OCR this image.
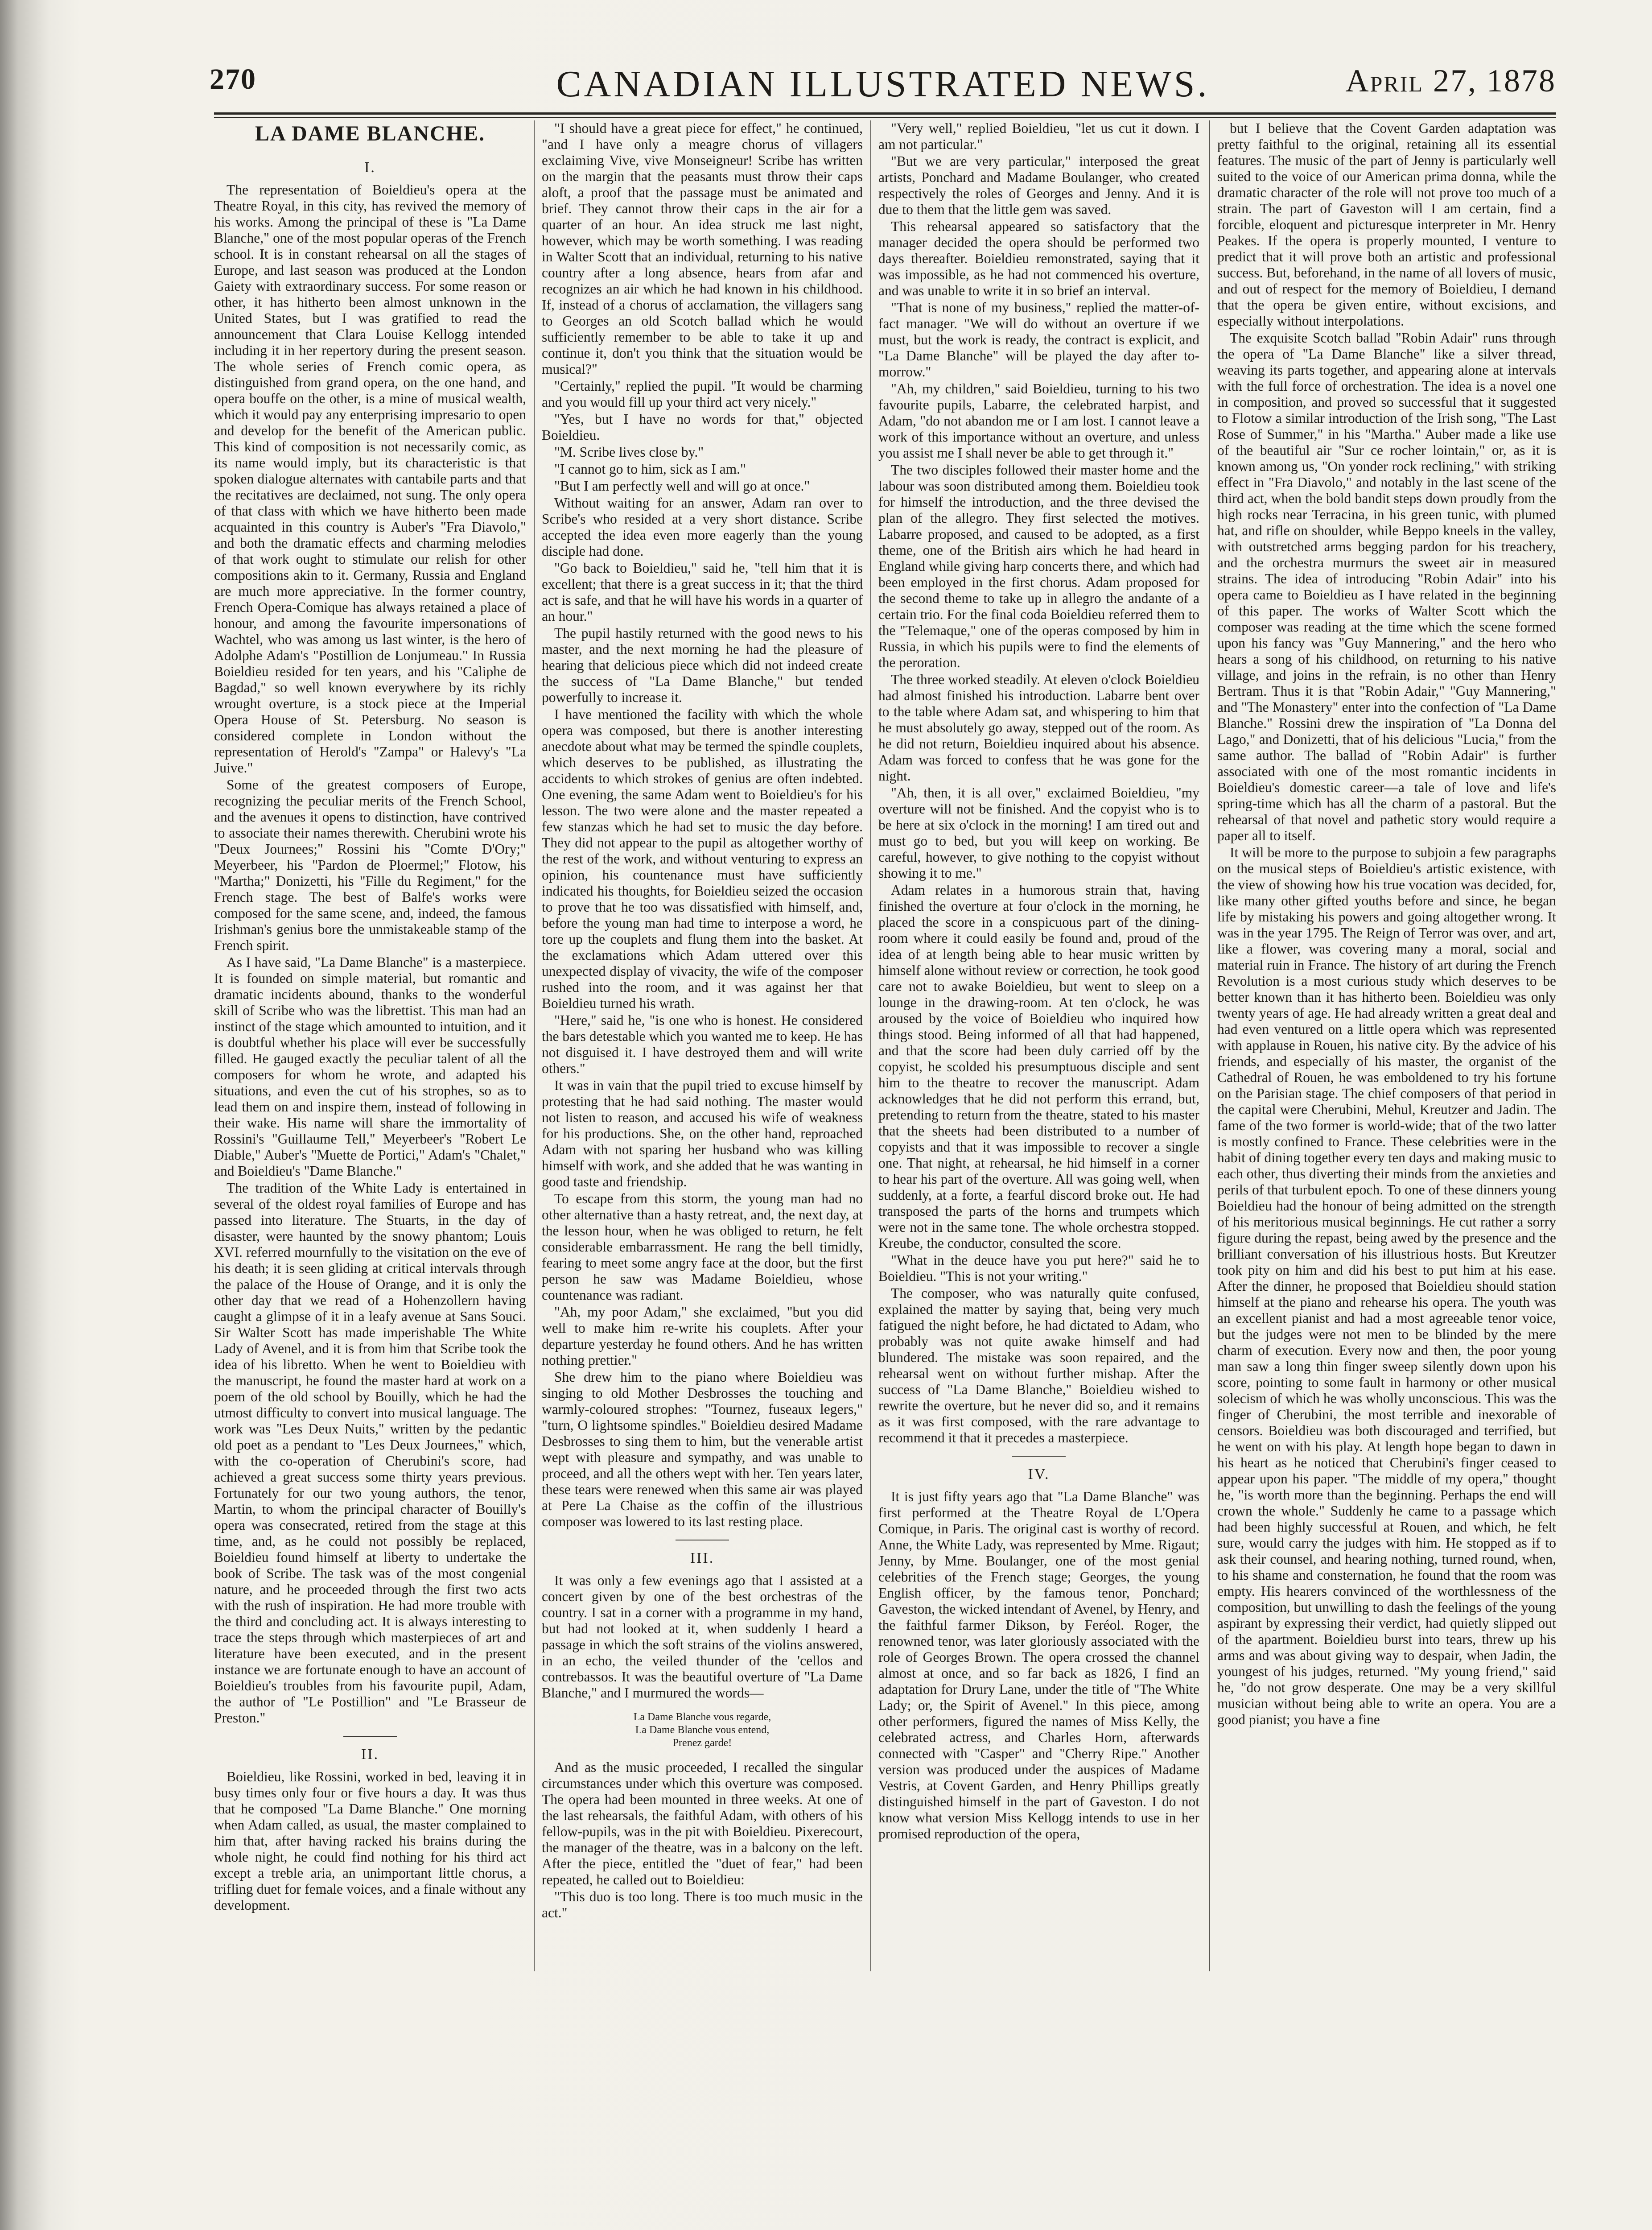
270	CANADIAN ILLUSTRATED NEWS.	April 27, 1878
LA DAME BLANCHE.
I.

The representation of Boieldieu's opera at the Theatre Royal, in this city, has revived the memory of his works. Among the principal of these is "La Dame Blanche," one of the most popular operas of the French school. It is in constant rehearsal on all the stages of Europe, and last season was produced at the London Gaiety with extraordinary success. For some reason or other, it has hitherto been almost unknown in the United States, but I was gratified to read the announcement that Clara Louise Kellogg intended including it in her repertory during the present season. The whole series of French comic opera, as distinguished from grand opera, on the one hand, and opera bouffe on the other, is a mine of musical wealth, which it would pay any enterprising impresario to open and develop for the benefit of the American public. This kind of composition is not necessarily comic, as its name would imply, but its characteristic is that spoken dialogue alternates with cantabile parts and that the recitatives are declaimed, not sung. The only opera of that class with which we have hitherto been made acquainted in this country is Auber's "Fra Diavolo," and both the dramatic effects and charming melodies of that work ought to stimulate our relish for other compositions akin to it. Germany, Russia and England are much more appreciative. In the former country, French Opera-Comique has always retained a place of honour, and among the favourite impersonations of Wachtel, who was among us last winter, is the hero of Adolphe Adam's "Postillion de Lonjumeau." In Russia Boieldieu resided for ten years, and his "Caliphe de Bagdad," so well known everywhere by its richly wrought overture, is a stock piece at the Imperial Opera House of St. Petersburg. No season is considered complete in London without the representation of Herold's "Zampa" or Halevy's "La Juive."

Some of the greatest composers of Europe, recognizing the peculiar merits of the French School, and the avenues it opens to distinction, have contrived to associate their names therewith. Cherubini wrote his "Deux Journees;" Rossini his "Comte D'Ory;" Meyerbeer, his "Pardon de Ploermel;" Flotow, his "Martha;" Donizetti, his "Fille du Regiment," for the French stage. The best of Balfe's works were composed for the same scene, and, indeed, the famous Irishman's genius bore the unmistakeable stamp of the French spirit.

As I have said, "La Dame Blanche" is a masterpiece. It is founded on simple material, but romantic and dramatic incidents abound, thanks to the wonderful skill of Scribe who was the librettist. This man had an instinct of the stage which amounted to intuition, and it is doubtful whether his place will ever be successfully filled. He gauged exactly the peculiar talent of all the composers for whom he wrote, and adapted his situations, and even the cut of his strophes, so as to lead them on and inspire them, instead of following in their wake. His name will share the immortality of Rossini's "Guillaume Tell," Meyerbeer's "Robert Le Diable," Auber's "Muette de Portici," Adam's "Chalet," and Boieldieu's "Dame Blanche."

The tradition of the White Lady is entertained in several of the oldest royal families of Europe and has passed into literature. The Stuarts, in the day of disaster, were haunted by the snowy phantom; Louis XVI. referred mournfully to the visitation on the eve of his death; it is seen gliding at critical intervals through the palace of the House of Orange, and it is only the other day that we read of a Hohenzollern having caught a glimpse of it in a leafy avenue at Sans Souci. Sir Walter Scott has made imperishable The White Lady of Avenel, and it is from him that Scribe took the idea of his libretto. When he went to Boieldieu with the manuscript, he found the master hard at work on a poem of the old school by Bouilly, which he had the utmost difficulty to convert into musical language. The work was "Les Deux Nuits," written by the pedantic old poet as a pendant to "Les Deux Journees," which, with the co-operation of Cherubini's score, had achieved a great success some thirty years previous. Fortunately for our two young authors, the tenor, Martin, to whom the principal character of Bouilly's opera was consecrated, retired from the stage at this time, and, as he could not possibly be replaced, Boieldieu found himself at liberty to undertake the book of Scribe. The task was of the most congenial nature, and he proceeded through the first two acts with the rush of inspiration. He had more trouble with the third and concluding act. It is always interesting to trace the steps through which masterpieces of art and literature have been executed, and in the present instance we are fortunate enough to have an account of Boieldieu's troubles from his favourite pupil, Adam, the author of "Le Postillion" and "Le Brasseur de Preston."

II.

Boieldieu, like Rossini, worked in bed, leaving it in busy times only four or five hours a day. It was thus that he composed "La Dame Blanche." One morning when Adam called, as usual, the master complained to him that, after having racked his brains during the whole night, he could find nothing for his third act except a treble aria, an unimportant little chorus, a trifling duet for female voices, and a finale without any development.

"I should have a great piece for effect," he continued, "and I have only a meagre chorus of villagers exclaiming Vive, vive Monseigneur! Scribe has written on the margin that the peasants must throw their caps aloft, a proof that the passage must be animated and brief. They cannot throw their caps in the air for a quarter of an hour. An idea struck me last night, however, which may be worth something. I was reading in Walter Scott that an individual, returning to his native country after a long absence, hears from afar and recognizes an air which he had known in his childhood. If, instead of a chorus of acclamation, the villagers sang to Georges an old Scotch ballad which he would sufficiently remember to be able to take it up and continue it, don't you think that the situation would be musical?"

"Certainly," replied the pupil. "It would be charming and you would fill up your third act very nicely."

"Yes, but I have no words for that," objected Boieldieu.

"M. Scribe lives close by."

"I cannot go to him, sick as I am."

"But I am perfectly well and will go at once."

Without waiting for an answer, Adam ran over to Scribe's who resided at a very short distance. Scribe accepted the idea even more eagerly than the young disciple had done.

"Go back to Boieldieu," said he, "tell him that it is excellent; that there is a great success in it; that the third act is safe, and that he will have his words in a quarter of an hour."

The pupil hastily returned with the good news to his master, and the next morning he had the pleasure of hearing that delicious piece which did not indeed create the success of "La Dame Blanche," but tended powerfully to increase it.

I have mentioned the facility with which the whole opera was composed, but there is another interesting anecdote about what may be termed the spindle couplets, which deserves to be published, as illustrating the accidents to which strokes of genius are often indebted. One evening, the same Adam went to Boieldieu's for his lesson. The two were alone and the master repeated a few stanzas which he had set to music the day before. They did not appear to the pupil as altogether worthy of the rest of the work, and without venturing to express an opinion, his countenance must have sufficiently indicated his thoughts, for Boieldieu seized the occasion to prove that he too was dissatisfied with himself, and, before the young man had time to interpose a word, he tore up the couplets and flung them into the basket. At the exclamations which Adam uttered over this unexpected display of vivacity, the wife of the composer rushed into the room, and it was against her that Boieldieu turned his wrath.

"Here," said he, "is one who is honest. He considered the bars detestable which you wanted me to keep. He has not disguised it. I have destroyed them and will write others."

It was in vain that the pupil tried to excuse himself by protesting that he had said nothing. The master would not listen to reason, and accused his wife of weakness for his productions. She, on the other hand, reproached Adam with not sparing her husband who was killing himself with work, and she added that he was wanting in good taste and friendship.

To escape from this storm, the young man had no other alternative than a hasty retreat, and, the next day, at the lesson hour, when he was obliged to return, he felt considerable embarrassment. He rang the bell timidly, fearing to meet some angry face at the door, but the first person he saw was Madame Boieldieu, whose countenance was radiant.

"Ah, my poor Adam," she exclaimed, "but you did well to make him re-write his couplets. After your departure yesterday he found others. And he has written nothing prettier."

She drew him to the piano where Boieldieu was singing to old Mother Desbrosses the touching and warmly-coloured strophes: "Tournez, fuseaux legers," "turn, O lightsome spindles." Boieldieu desired Madame Desbrosses to sing them to him, but the venerable artist wept with pleasure and sympathy, and was unable to proceed, and all the others wept with her. Ten years later, these tears were renewed when this same air was played at Pere La Chaise as the coffin of the illustrious composer was lowered to its last resting place.

III.

It was only a few evenings ago that I assisted at a concert given by one of the best orchestras of the country. I sat in a corner with a programme in my hand, but had not looked at it, when suddenly I heard a passage in which the soft strains of the violins answered, in an echo, the veiled thunder of the 'cellos and contrebassos. It was the beautiful overture of "La Dame Blanche," and I murmured the words—

La Dame Blanche vous regarde,
La Dame Blanche vous entend,
Prenez garde!

And as the music proceeded, I recalled the singular circumstances under which this overture was composed. The opera had been mounted in three weeks. At one of the last rehearsals, the faithful Adam, with others of his fellow-pupils, was in the pit with Boieldieu. Pixerecourt, the manager of the theatre, was in a balcony on the left. After the piece, entitled the "duet of fear," had been repeated, he called out to Boieldieu:

"This duo is too long. There is too much music in the act."

"Very well," replied Boieldieu, "let us cut it down. I am not particular."

"But we are very particular," interposed the great artists, Ponchard and Madame Boulanger, who created respectively the roles of Georges and Jenny. And it is due to them that the little gem was saved.

This rehearsal appeared so satisfactory that the manager decided the opera should be performed two days thereafter. Boieldieu remonstrated, saying that it was impossible, as he had not commenced his overture, and was unable to write it in so brief an interval.

"That is none of my business," replied the matter-of-fact manager. "We will do without an overture if we must, but the work is ready, the contract is explicit, and "La Dame Blanche" will be played the day after to-morrow."

"Ah, my children," said Boieldieu, turning to his two favourite pupils, Labarre, the celebrated harpist, and Adam, "do not abandon me or I am lost. I cannot leave a work of this importance without an overture, and unless you assist me I shall never be able to get through it."

The two disciples followed their master home and the labour was soon distributed among them. Boieldieu took for himself the introduction, and the three devised the plan of the allegro. They first selected the motives. Labarre proposed, and caused to be adopted, as a first theme, one of the British airs which he had heard in England while giving harp concerts there, and which had been employed in the first chorus. Adam proposed for the second theme to take up in allegro the andante of a certain trio. For the final coda Boieldieu referred them to the "Telemaque," one of the operas composed by him in Russia, in which his pupils were to find the elements of the peroration.

The three worked steadily. At eleven o'clock Boieldieu had almost finished his introduction. Labarre bent over to the table where Adam sat, and whispering to him that he must absolutely go away, stepped out of the room. As he did not return, Boieldieu inquired about his absence. Adam was forced to confess that he was gone for the night.

"Ah, then, it is all over," exclaimed Boieldieu, "my overture will not be finished. And the copyist who is to be here at six o'clock in the morning! I am tired out and must go to bed, but you will keep on working. Be careful, however, to give nothing to the copyist without showing it to me."

Adam relates in a humorous strain that, having finished the overture at four o'clock in the morning, he placed the score in a conspicuous part of the dining-room where it could easily be found and, proud of the idea of at length being able to hear music written by himself alone without review or correction, he took good care not to awake Boieldieu, but went to sleep on a lounge in the drawing-room. At ten o'clock, he was aroused by the voice of Boieldieu who inquired how things stood. Being informed of all that had happened, and that the score had been duly carried off by the copyist, he scolded his presumptuous disciple and sent him to the theatre to recover the manuscript. Adam acknowledges that he did not perform this errand, but, pretending to return from the theatre, stated to his master that the sheets had been distributed to a number of copyists and that it was impossible to recover a single one. That night, at rehearsal, he hid himself in a corner to hear his part of the overture. All was going well, when suddenly, at a forte, a fearful discord broke out. He had transposed the parts of the horns and trumpets which were not in the same tone. The whole orchestra stopped. Kreube, the conductor, consulted the score.

"What in the deuce have you put here?" said he to Boieldieu. "This is not your writing."

The composer, who was naturally quite confused, explained the matter by saying that, being very much fatigued the night before, he had dictated to Adam, who probably was not quite awake himself and had blundered. The mistake was soon repaired, and the rehearsal went on without further mishap. After the success of "La Dame Blanche," Boieldieu wished to rewrite the overture, but he never did so, and it remains as it was first composed, with the rare advantage to recommend it that it precedes a masterpiece.

IV.

It is just fifty years ago that "La Dame Blanche" was first performed at the Theatre Royal de L'Opera Comique, in Paris. The original cast is worthy of record. Anne, the White Lady, was represented by Mme. Rigaut; Jenny, by Mme. Boulanger, one of the most genial celebrities of the French stage; Georges, the young English officer, by the famous tenor, Ponchard; Gaveston, the wicked intendant of Avenel, by Henry, and the faithful farmer Dikson, by Feréol. Roger, the renowned tenor, was later gloriously associated with the role of Georges Brown. The opera crossed the channel almost at once, and so far back as 1826, I find an adaptation for Drury Lane, under the title of "The White Lady; or, the Spirit of Avenel." In this piece, among other performers, figured the names of Miss Kelly, the celebrated actress, and Charles Horn, afterwards connected with "Casper" and "Cherry Ripe." Another version was produced under the auspices of Madame Vestris, at Covent Garden, and Henry Phillips greatly distinguished himself in the part of Gaveston. I do not know what version Miss Kellogg intends to use in her promised reproduction of the opera,

but I believe that the Covent Garden adaptation was pretty faithful to the original, retaining all its essential features. The music of the part of Jenny is particularly well suited to the voice of our American prima donna, while the dramatic character of the role will not prove too much of a strain. The part of Gaveston will I am certain, find a forcible, eloquent and picturesque interpreter in Mr. Henry Peakes. If the opera is properly mounted, I venture to predict that it will prove both an artistic and professional success. But, beforehand, in the name of all lovers of music, and out of respect for the memory of Boieldieu, I demand that the opera be given entire, without excisions, and especially without interpolations.

The exquisite Scotch ballad "Robin Adair" runs through the opera of "La Dame Blanche" like a silver thread, weaving its parts together, and appearing alone at intervals with the full force of orchestration. The idea is a novel one in composition, and proved so successful that it suggested to Flotow a similar introduction of the Irish song, "The Last Rose of Summer," in his "Martha." Auber made a like use of the beautiful air "Sur ce rocher lointain," or, as it is known among us, "On yonder rock reclining," with striking effect in "Fra Diavolo," and notably in the last scene of the third act, when the bold bandit steps down proudly from the high rocks near Terracina, in his green tunic, with plumed hat, and rifle on shoulder, while Beppo kneels in the valley, with outstretched arms begging pardon for his treachery, and the orchestra murmurs the sweet air in measured strains. The idea of introducing "Robin Adair" into his opera came to Boieldieu as I have related in the beginning of this paper. The works of Walter Scott which the composer was reading at the time which the scene formed upon his fancy was "Guy Mannering," and the hero who hears a song of his childhood, on returning to his native village, and joins in the refrain, is no other than Henry Bertram. Thus it is that "Robin Adair," "Guy Mannering," and "The Monastery" enter into the confection of "La Dame Blanche." Rossini drew the inspiration of "La Donna del Lago," and Donizetti, that of his delicious "Lucia," from the same author. The ballad of "Robin Adair" is further associated with one of the most romantic incidents in Boieldieu's domestic career—a tale of love and life's spring-time which has all the charm of a pastoral. But the rehearsal of that novel and pathetic story would require a paper all to itself.

It will be more to the purpose to subjoin a few paragraphs on the musical steps of Boieldieu's artistic existence, with the view of showing how his true vocation was decided, for, like many other gifted youths before and since, he began life by mistaking his powers and going altogether wrong. It was in the year 1795. The Reign of Terror was over, and art, like a flower, was covering many a moral, social and material ruin in France. The history of art during the French Revolution is a most curious study which deserves to be better known than it has hitherto been. Boieldieu was only twenty years of age. He had already written a great deal and had even ventured on a little opera which was represented with applause in Rouen, his native city. By the advice of his friends, and especially of his master, the organist of the Cathedral of Rouen, he was emboldened to try his fortune on the Parisian stage. The chief composers of that period in the capital were Cherubini, Mehul, Kreutzer and Jadin. The fame of the two former is world-wide; that of the two latter is mostly confined to France. These celebrities were in the habit of dining together every ten days and making music to each other, thus diverting their minds from the anxieties and perils of that turbulent epoch. To one of these dinners young Boieldieu had the honour of being admitted on the strength of his meritorious musical beginnings. He cut rather a sorry figure during the repast, being awed by the presence and the brilliant conversation of his illustrious hosts. But Kreutzer took pity on him and did his best to put him at his ease. After the dinner, he proposed that Boieldieu should station himself at the piano and rehearse his opera. The youth was an excellent pianist and had a most agreeable tenor voice, but the judges were not men to be blinded by the mere charm of execution. Every now and then, the poor young man saw a long thin finger sweep silently down upon his score, pointing to some fault in harmony or other musical solecism of which he was wholly unconscious. This was the finger of Cherubini, the most terrible and inexorable of censors. Boieldieu was both discouraged and terrified, but he went on with his play. At length hope began to dawn in his heart as he noticed that Cherubini's finger ceased to appear upon his paper. "The middle of my opera," thought he, "is worth more than the beginning. Perhaps the end will crown the whole." Suddenly he came to a passage which had been highly successful at Rouen, and which, he felt sure, would carry the judges with him. He stopped as if to ask their counsel, and hearing nothing, turned round, when, to his shame and consternation, he found that the room was empty. His hearers convinced of the worthlessness of the composition, but unwilling to dash the feelings of the young aspirant by expressing their verdict, had quietly slipped out of the apartment. Boieldieu burst into tears, threw up his arms and was about giving way to despair, when Jadin, the youngest of his judges, returned. "My young friend," said he, "do not grow desperate. One may be a very skillful musician without being able to write an opera. You are a good pianist; you have a fine
